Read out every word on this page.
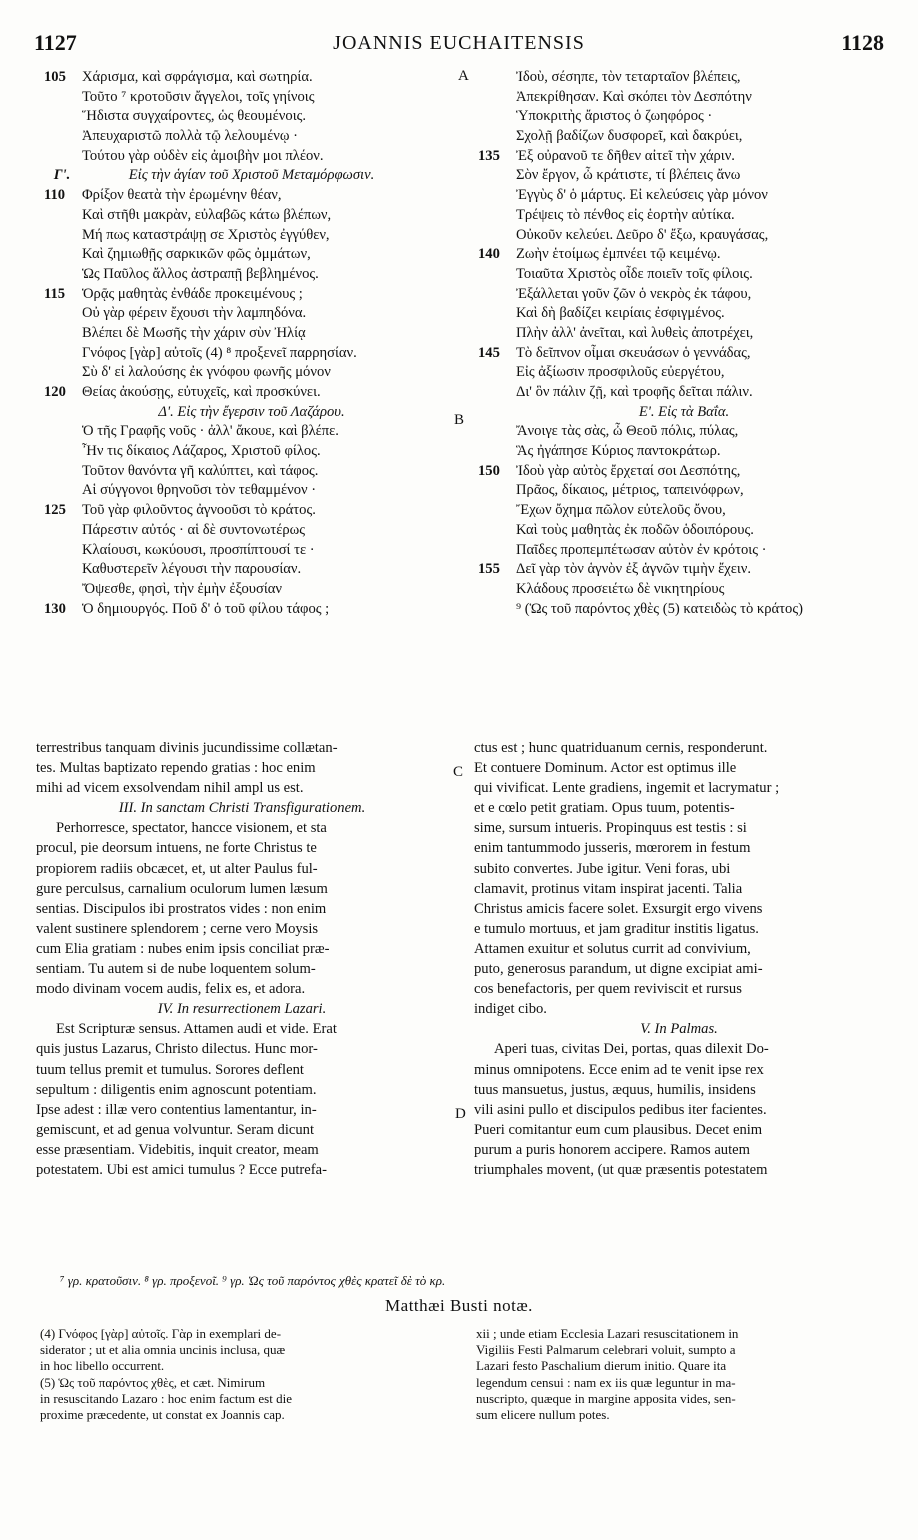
1127	JOANNIS EUCHAITENSIS	1128
105	Χάρισμα, καὶ σφράγισμα, καὶ σωτηρία.
Τοῦτο ⁷ κροτοῦσιν ἄγγελοι, τοῖς γηίνοις
Ἥδιστα συγχαίροντες, ὡς θεουμένοις.
Ἀπευχαριστῶ πολλὰ τῷ λελουμένῳ ·
Τούτου γὰρ οὐδὲν εἰς ἀμοιβὴν μοι πλέον.
Γ'.	Εἰς τὴν ἁγίαν τοῦ Χριστοῦ Μεταμόρφωσιν.
110	Φρίξον θεατὰ τὴν ἐρωμένην θέαν,
Καὶ στῆθι μακρὰν, εὐλαβῶς κάτω βλέπων,
Μή πως καταστράψῃ σε Χριστὸς ἐγγύθεν,
Καὶ ζημιωθῇς σαρκικῶν φῶς ὀμμάτων,
Ὡς Παῦλος ἄλλος ἀστραπῇ βεβλημένος.
115	Ὁρᾷς μαθητὰς ἐνθάδε προκειμένους ;
Οὐ γὰρ φέρειν ἔχουσι τὴν λαμπηδόνα.
Βλέπει δὲ Μωσῆς τὴν χάριν σὺν Ἠλίᾳ
Γνόφος [γὰρ] αὐτοῖς (4) ⁸ προξενεῖ παρρησίαν.
Σὺ δ' εἰ λαλούσης ἐκ γνόφου φωνῆς μόνον
120	Θείας ἀκούσῃς, εὐτυχεῖς, καὶ προσκύνει.
Δ'. Εἰς τὴν ἔγερσιν τοῦ Λαζάρου.
Ὁ τῆς Γραφῆς νοῦς · ἀλλ' ἄκουε, καὶ βλέπε.
Ἦν τις δίκαιος Λάζαρος, Χριστοῦ φίλος.
Τοῦτον θανόντα γῆ καλύπτει, καὶ τάφος.
Αἱ σύγγονοι θρηνοῦσι τὸν τεθαμμένον ·
125	Τοῦ γὰρ φιλοῦντος ἀγνοοῦσι τὸ κράτος.
Πάρεστιν αὐτός · αἱ δὲ συντονωτέρως
Κλαίουσι, κωκύουσι, προσπίπτουσί τε ·
Καθυστερεῖν λέγουσι τὴν παρουσίαν.
Ὄψεσθε, φησὶ, τὴν ἐμὴν ἐξουσίαν
130	Ὁ δημιουργός. Ποῦ δ' ὁ τοῦ φίλου τάφος ;
Ἰδοὺ, σέσηπε, τὸν τεταρταῖον βλέπεις,
Ἀπεκρίθησαν. Καὶ σκόπει τὸν Δεσπότην
Ὑποκριτὴς ἄριστος ὁ ζωηφόρος ·
Σχολῇ βαδίζων δυσφορεῖ, καὶ δακρύει,
135	Ἐξ οὐρανοῦ τε δῆθεν αἰτεῖ τὴν χάριν.
Σὸν ἔργον, ὦ κράτιστε, τί βλέπεις ἄνω
Ἐγγὺς δ' ὁ μάρτυς. Εἰ κελεύσεις γὰρ μόνον
Τρέψεις τὸ πένθος εἰς ἑορτὴν αὐτίκα.
Οὐκοῦν κελεύει. Δεῦρο δ' ἔξω, κραυγάσας,
140	Ζωὴν ἑτοίμως ἐμπνέει τῷ κειμένῳ.
Τοιαῦτα Χριστὸς οἶδε ποιεῖν τοῖς φίλοις.
Ἐξάλλεται γοῦν ζῶν ὁ νεκρὸς ἐκ τάφου,
Καὶ δὴ βαδίζει κειρίαις ἐσφιγμένος.
Πλὴν ἀλλ' ἀνεῖται, καὶ λυθεὶς ἀποτρέχει,
145	Τὸ δεῖπνον οἶμαι σκευάσων ὁ γεννάδας,
Εἰς ἀξίωσιν προσφιλοῦς εὐεργέτου,
Δι' ὃν πάλιν ζῇ, καὶ τροφῆς δεῖται πάλιν.
Ε'. Εἰς τὰ Βαΐα.
Ἄνοιγε τὰς σὰς, ὦ Θεοῦ πόλις, πύλας,
Ἃς ἠγάπησε Κύριος παντοκράτωρ.
150	Ἰδοὺ γὰρ αὐτὸς ἔρχεταί σοι Δεσπότης,
Πρᾶος, δίκαιος, μέτριος, ταπεινόφρων,
Ἔχων ὄχημα πῶλον εὐτελοῦς ὄνου,
Καὶ τοὺς μαθητὰς ἐκ ποδῶν ὁδοιπόρους.
Παῖδες προπεμπέτωσαν αὐτὸν ἐν κρότοις ·
155	Δεῖ γὰρ τὸν ἁγνὸν ἐξ ἁγνῶν τιμὴν ἔχειν.
Κλάδους προσειέτω δὲ νικητηρίους
⁹ (Ὡς τοῦ παρόντος χθὲς (5) κατειδὼς τὸ κράτος)
A
B
C
D
terrestribus tanquam divinis jucundissime collætan-
tes. Multas baptizato rependo gratias : hoc enim
mihi ad vicem exsolvendam nihil ampl us est.
III. In sanctam Christi Transfigurationem.
Perhorresce, spectator, hancce visionem, et sta
procul, pie deorsum intuens, ne forte Christus te
propiorem radiis obcæcet, et, ut alter Paulus ful-
gure perculsus, carnalium oculorum lumen læsum
sentias. Discipulos ibi prostratos vides : non enim
valent sustinere splendorem ; cerne vero Moysis
cum Elia gratiam : nubes enim ipsis conciliat præ-
sentiam. Tu autem si de nube loquentem solum-
modo divinam vocem audis, felix es, et adora.
IV. In resurrectionem Lazari.
Est Scripturæ sensus. Attamen audi et vide. Erat
quis justus Lazarus, Christo dilectus. Hunc mor-
tuum tellus premit et tumulus. Sorores deflent
sepultum : diligentis enim agnoscunt potentiam.
Ipse adest : illæ vero contentius lamentantur, in-
gemiscunt, et ad genua volvuntur. Seram dicunt
esse præsentiam. Videbitis, inquit creator, meam
potestatem. Ubi est amici tumulus ? Ecce putrefa-
ctus est ; hunc quatriduanum cernis, responderunt.
Et contuere Dominum. Actor est optimus ille
qui vivificat. Lente gradiens, ingemit et lacrymatur ;
et e cœlo petit gratiam. Opus tuum, potentis-
sime, sursum intueris. Propinquus est testis : si
enim tantummodo jusseris, mœrorem in festum
subito convertes. Jube igitur. Veni foras, ubi
clamavit, protinus vitam inspirat jacenti. Talia
Christus amicis facere solet. Exsurgit ergo vivens
e tumulo mortuus, et jam graditur institis ligatus.
Attamen exuitur et solutus currit ad convivium,
puto, generosus parandum, ut digne excipiat ami-
cos benefactoris, per quem reviviscit et rursus
indiget cibo.
V. In Palmas.
Aperi tuas, civitas Dei, portas, quas dilexit Do-
minus omnipotens. Ecce enim ad te venit ipse rex
tuus mansuetus, justus, æquus, humilis, insidens
vili asini pullo et discipulos pedibus iter facientes.
Pueri comitantur eum cum plausibus. Decet enim
purum a puris honorem accipere. Ramos autem
triumphales movent, (ut quæ præsentis potestatem
⁷ γρ. κρατοῦσιν. ⁸ γρ. προξενοῖ. ⁹ γρ. Ὡς τοῦ παρόντος χθὲς κρατεῖ δὲ τὸ κρ.
Matthæi Busti notæ.
(4) Γνόφος [γὰρ] αὐτοῖς. Γὰρ in exemplari de-
siderator ; ut et alia omnia uncinis inclusa, quæ
in hoc libello occurrent.
(5) Ὡς τοῦ παρόντος χθὲς, et cæt. Nimirum
in resuscitando Lazaro : hoc enim factum est die
proxime præcedente, ut constat ex Joannis cap.
xii ; unde etiam Ecclesia Lazari resuscitationem in
Vigiliis Festi Palmarum celebrari voluit, sumpto a
Lazari festo Paschalium dierum initio. Quare ita
legendum censui : nam ex iis quæ leguntur in ma-
nuscripto, quæque in margine apposita vides, sen-
sum elicere nullum potes.
